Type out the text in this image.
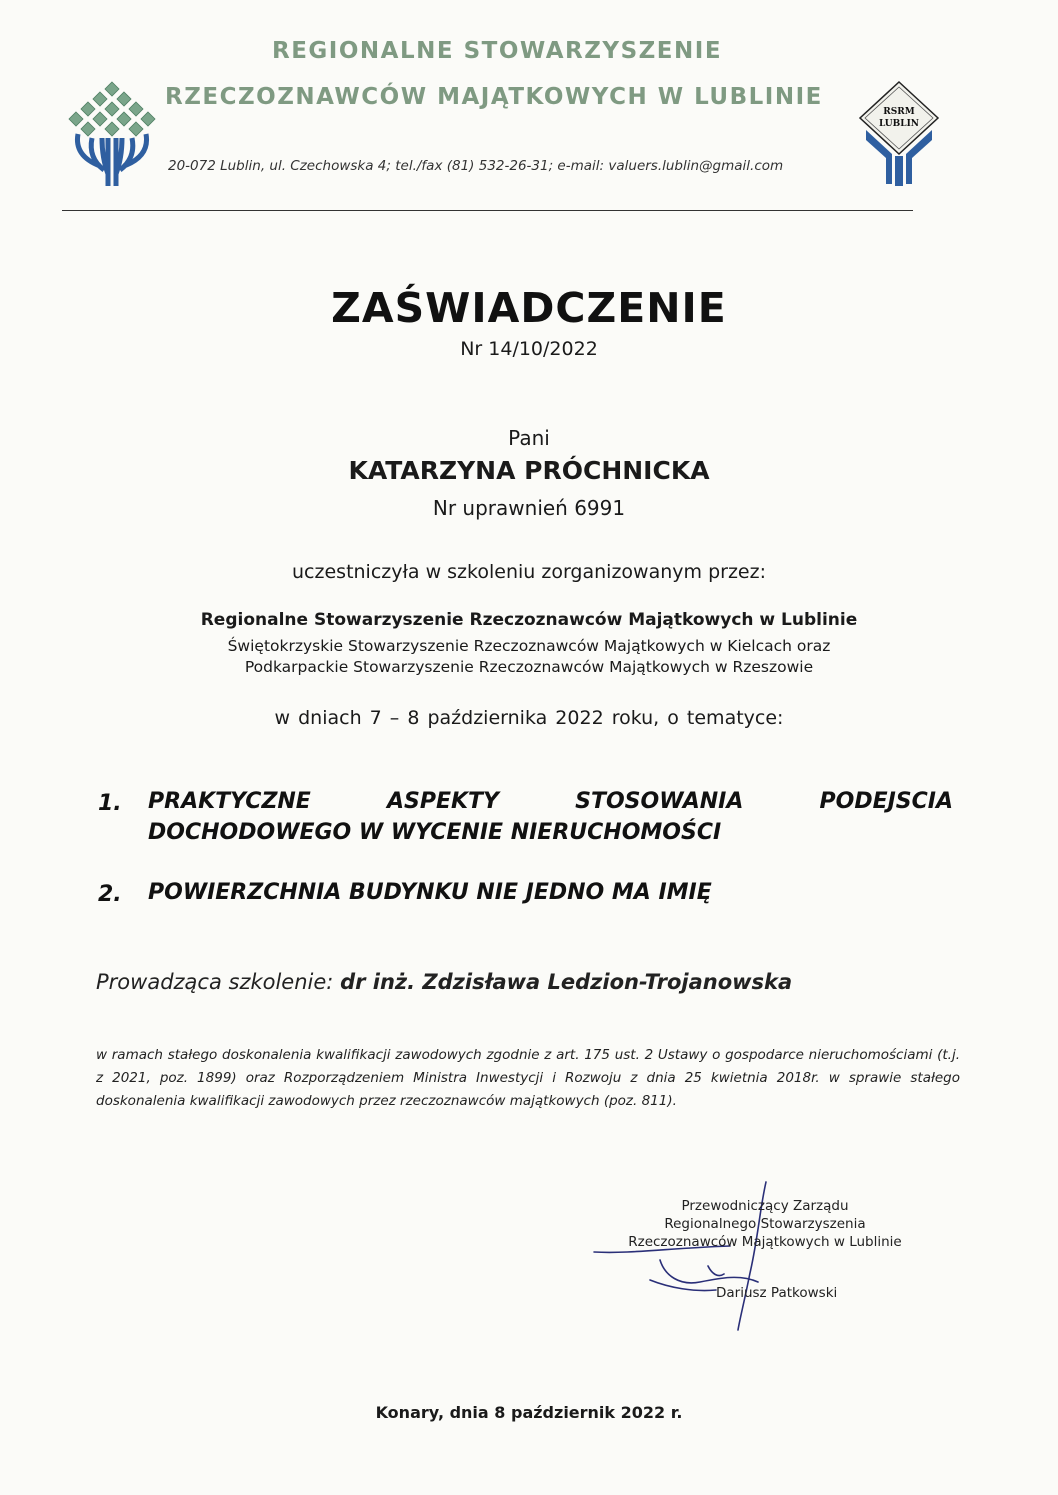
RSRM
LUBLIN
REGIONALNE STOWARZYSZENIE
RZECZOZNAWCÓW MAJĄTKOWYCH W LUBLINIE
20-072 Lublin, ul. Czechowska 4; tel./fax (81) 532-26-31; e-mail: valuers.lublin@gmail.com
ZAŚWIADCZENIE
Nr 14/10/2022
Pani
KATARZYNA PRÓCHNICKA
Nr uprawnień 6991
uczestniczyła w szkoleniu zorganizowanym przez:
Regionalne Stowarzyszenie Rzeczoznawców Majątkowych w Lublinie
Świętokrzyskie Stowarzyszenie Rzeczoznawców Majątkowych w Kielcach oraz
Podkarpackie Stowarzyszenie Rzeczoznawców Majątkowych w Rzeszowie
w dniach 7 – 8 października 2022 roku, o tematyce:
1. PRAKTYCZNE ASPEKTY STOSOWANIA PODEJSCIA
DOCHODOWEGO W WYCENIE NIERUCHOMOŚCI
2. POWIERZCHNIA BUDYNKU NIE JEDNO MA IMIĘ
Prowadząca szkolenie: dr inż. Zdzisława Ledzion-Trojanowska
w ramach stałego doskonalenia kwalifikacji zawodowych zgodnie z art. 175 ust. 2 Ustawy o gospodarce nieruchomościami (t.j. z 2021, poz. 1899) oraz Rozporządzeniem Ministra Inwestycji i Rozwoju z dnia 25 kwietnia 2018r. w sprawie stałego doskonalenia kwalifikacji zawodowych przez rzeczoznawców majątkowych (poz. 811).
Przewodniczący Zarządu
Regionalnego Stowarzyszenia
Rzeczoznawców Majątkowych w Lublinie
Dariusz Patkowski
Konary, dnia 8 październik 2022 r.
